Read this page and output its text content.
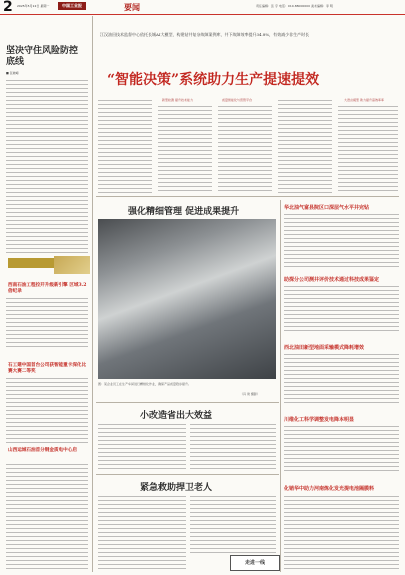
2 2025年5月12日 星期一	中国工业报	要闻	责任编辑：张 宇 电话：010-88000000 美术编辑：李 明
坚决守住风险防控底线
■ 张晓峰
西南石油工程拉开升级新引擎 区域3.2倍纪录
石工建中国首台公司获智能重卡深化比赛大赛二等奖
山西运城石油首分钢金质电中心启
江汉油田技术监督中心依托长城AI大模型，构建钻井复杂故障案例库，井下故障效率提升34.8%，有效减少非生产时长
“智能决策”系统助力生产提速提效
新型检测 提升技术能力	质量智能化与营管平台	大语言模型 助力提升高效率率
强化精细管理 促进成果提升
图：某企业员工在生产车间进行精细化作业，确保产品质量稳步提升。
（冯 建 摄影）
小改造省出大效益
紧急救助捍卫老人
华北油气富县院区口深层气水平井完钻
助探分公司测井评价技术通过科技成果鉴定
西北油田新型地面采输模式降耗增效
川维化工科学调整发电降本明显
化销华中助力河南炼化发光提电池隔膜料
走进一线
